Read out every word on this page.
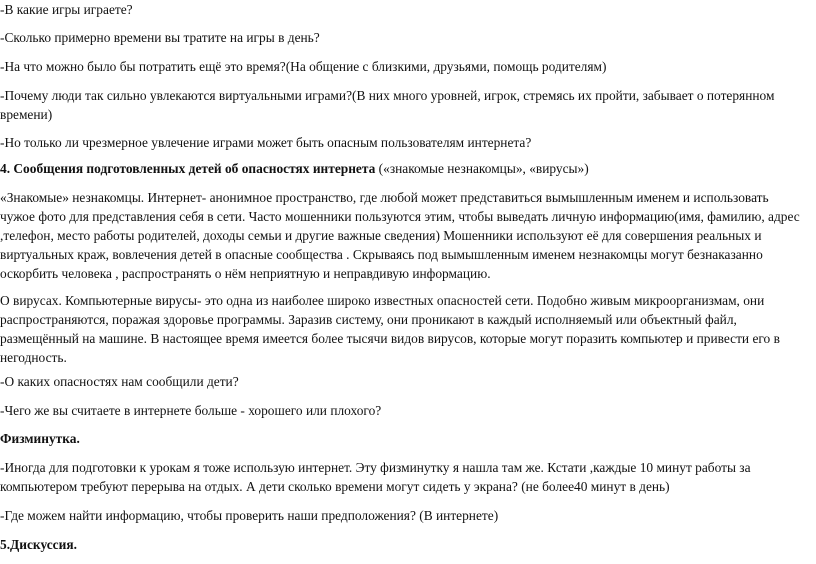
-В какие игры играете?

-Сколько примерно времени вы тратите на игры в день?

-На что можно было бы потратить ещё это время?(На общение с близкими, друзьями, помощь родителям)

-Почему люди так сильно увлекаются виртуальными играми?(В них много уровней, игрок, стремясь их пройти, забывает о потерянном времени)

-Но только ли чрезмерное увлечение играми может быть опасным пользователям интернета?

4. Сообщения подготовленных детей об опасностях интернета («знакомые незнакомцы», «вирусы»)

«Знакомые» незнакомцы. Интернет- анонимное пространство, где любой может представиться вымышленным именем и использовать чужое фото для представления себя в сети. Часто мошенники пользуются этим, чтобы выведать личную информацию(имя, фамилию, адрес ,телефон, место работы родителей, доходы семьи и другие важные сведения) Мошенники используют её для совершения реальных и виртуальных краж, вовлечения детей в опасные сообщества . Скрываясь под вымышленным именем незнакомцы могут безнаказанно оскорбить человека , распространять о нём неприятную и неправдивую информацию.

О вирусах. Компьютерные вирусы- это одна из наиболее широко известных опасностей сети. Подобно живым микроорганизмам, они распространяются, поражая здоровье программы. Заразив систему, они проникают в каждый исполняемый или объектный файл, размещённый на машине. В настоящее время имеется более тысячи видов вирусов, которые могут поразить компьютер и привести его в негодность.

-О каких опасностях нам сообщили дети?

-Чего же вы считаете в интернете больше - хорошего или плохого?

Физминутка.

-Иногда для подготовки к урокам я тоже использую интернет. Эту физминутку я нашла там же. Кстати ,каждые 10 минут работы за компьютером требуют перерыва на отдых. А дети сколько времени могут сидеть у экрана? (не более40 минут в день)

-Где можем найти информацию, чтобы проверить наши предположения? (В интернете)

5.Дискуссия.
